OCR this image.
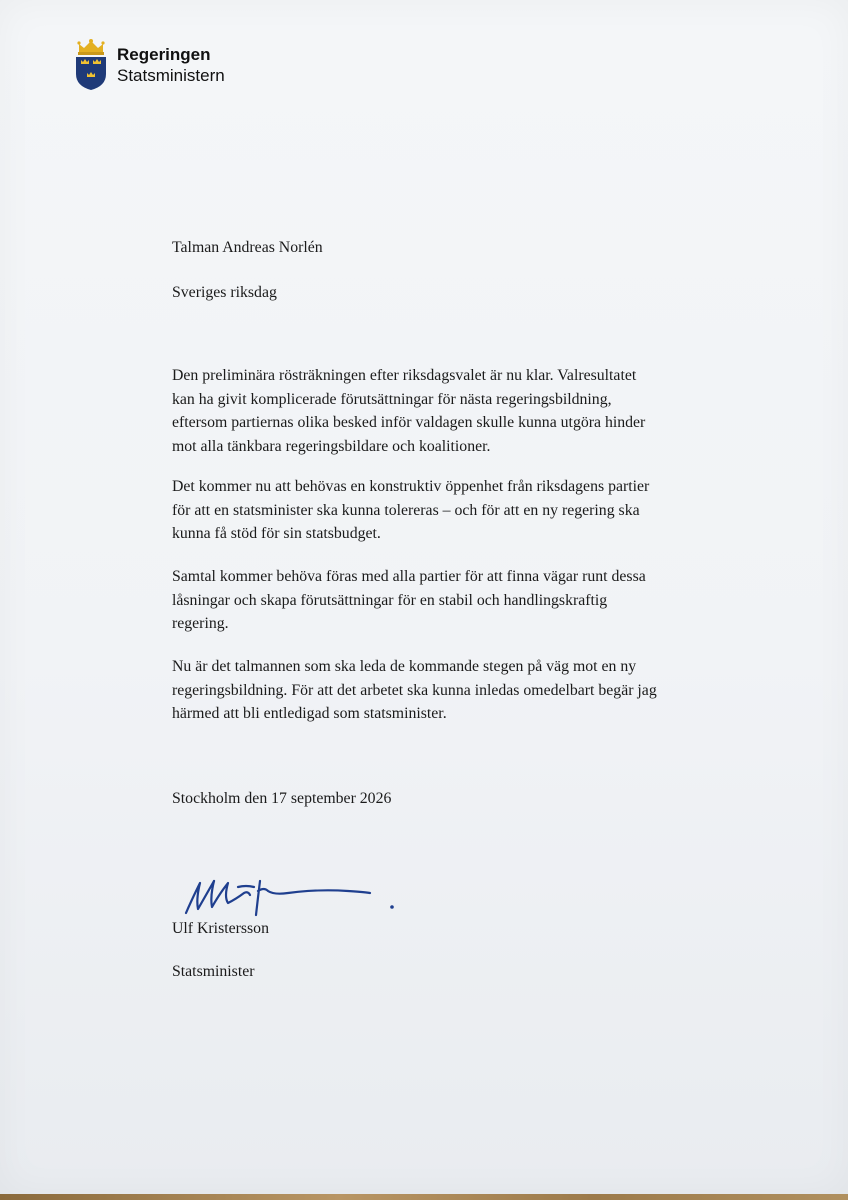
Regeringen
Statsministern
Talman Andreas Norlén
Sveriges riksdag
Den preliminära rösträkningen efter riksdagsvalet är nu klar. Valresultatet
kan ha givit komplicerade förutsättningar för nästa regeringsbildning,
eftersom partiernas olika besked inför valdagen skulle kunna utgöra hinder
mot alla tänkbara regeringsbildare och koalitioner.
Det kommer nu att behövas en konstruktiv öppenhet från riksdagens partier
för att en statsminister ska kunna tolereras – och för att en ny regering ska
kunna få stöd för sin statsbudget.
Samtal kommer behöva föras med alla partier för att finna vägar runt dessa
låsningar och skapa förutsättningar för en stabil och handlingskraftig
regering.
Nu är det talmannen som ska leda de kommande stegen på väg mot en ny
regeringsbildning. För att det arbetet ska kunna inledas omedelbart begär jag
härmed att bli entledigad som statsminister.
Stockholm den 17 september 2026
Ulf Kristersson
Statsminister
